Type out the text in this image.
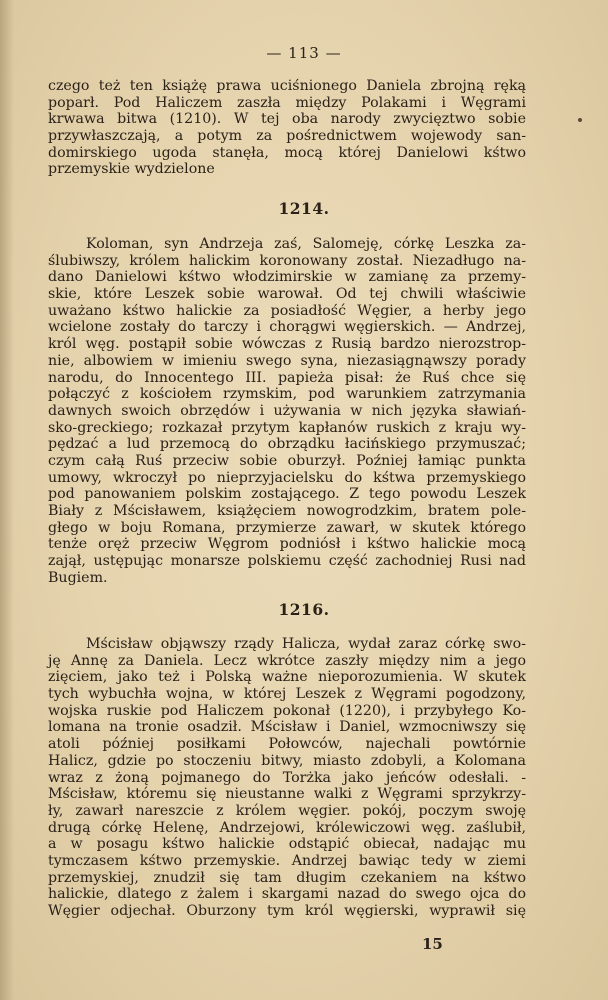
— 113 —
czego też ten książę prawa uciśnionego Daniela zbrojną ręką
poparł. Pod Haliczem zaszła między Polakami i Węgrami
krwawa bitwa (1210). W tej oba narody zwycięztwo sobie
przywłaszczają, a potym za pośrednictwem wojewody san-
domirskiego ugoda stanęła, mocą której Danielowi kśtwo
przemyskie wydzielone
1214.
Koloman, syn Andrzeja zaś, Salomeję, córkę Leszka za-
ślubiwszy, królem halickim koronowany został. Niezadługo na-
dano Danielowi kśtwo włodzimirskie w zamianę za przemy-
skie, które Leszek sobie warował. Od tej chwili właściwie
uważano kśtwo halickie za posiadłość Węgier, a herby jego
wcielone zostały do tarczy i chorągwi węgierskich. — Andrzej,
król węg. postąpił sobie wówczas z Rusią bardzo nierozstrop-
nie, albowiem w imieniu swego syna, niezasiągnąwszy porady
narodu, do Innocentego III. papieża pisał: że Ruś chce się
połączyć z kościołem rzymskim, pod warunkiem zatrzymania
dawnych swoich obrzędów i używania w nich języka sławiań-
sko-greckiego; rozkazał przytym kapłanów ruskich z kraju wy-
pędzać a lud przemocą do obrządku łacińskiego przymuszać;
czym całą Ruś przeciw sobie oburzył. Poźniej łamiąc punkta
umowy, wkroczył po nieprzyjacielsku do kśtwa przemyskiego
pod panowaniem polskim zostającego. Z tego powodu Leszek
Biały z Mścisławem, książęciem nowogrodzkim, bratem pole-
głego w boju Romana, przymierze zawarł, w skutek którego
tenże oręż przeciw Węgrom podniósł i kśtwo halickie mocą
zajął, ustępując monarsze polskiemu część zachodniej Rusi nad
Bugiem.
1216.
Mścisław objąwszy rządy Halicza, wydał zaraz córkę swo-
ję Annę za Daniela. Lecz wkrótce zaszły między nim a jego
zięciem, jako też i Polską ważne nieporozumienia. W skutek
tych wybuchła wojna, w której Leszek z Węgrami pogodzony,
wojska ruskie pod Haliczem pokonał (1220), i przybyłego Ko-
lomana na tronie osadził. Mścisław i Daniel, wzmocniwszy się
atoli później posiłkami Połowców, najechali powtórnie
Halicz, gdzie po stoczeniu bitwy, miasto zdobyli, a Kolomana
wraz z żoną pojmanego do Torżka jako jeńców odesłali. -
Mścisław, któremu się nieustanne walki z Węgrami sprzykrzy-
ły, zawarł nareszcie z królem węgier. pokój, poczym swoję
drugą córkę Helenę, Andrzejowi, królewiczowi węg. zaślubił,
a w posagu kśtwo halickie odstąpić obiecał, nadając mu
tymczasem kśtwo przemyskie. Andrzej bawiąc tedy w ziemi
przemyskiej, znudził się tam długim czekaniem na kśtwo
halickie, dlatego z żalem i skargami nazad do swego ojca do
Węgier odjechał. Oburzony tym król węgierski, wyprawił się
15
